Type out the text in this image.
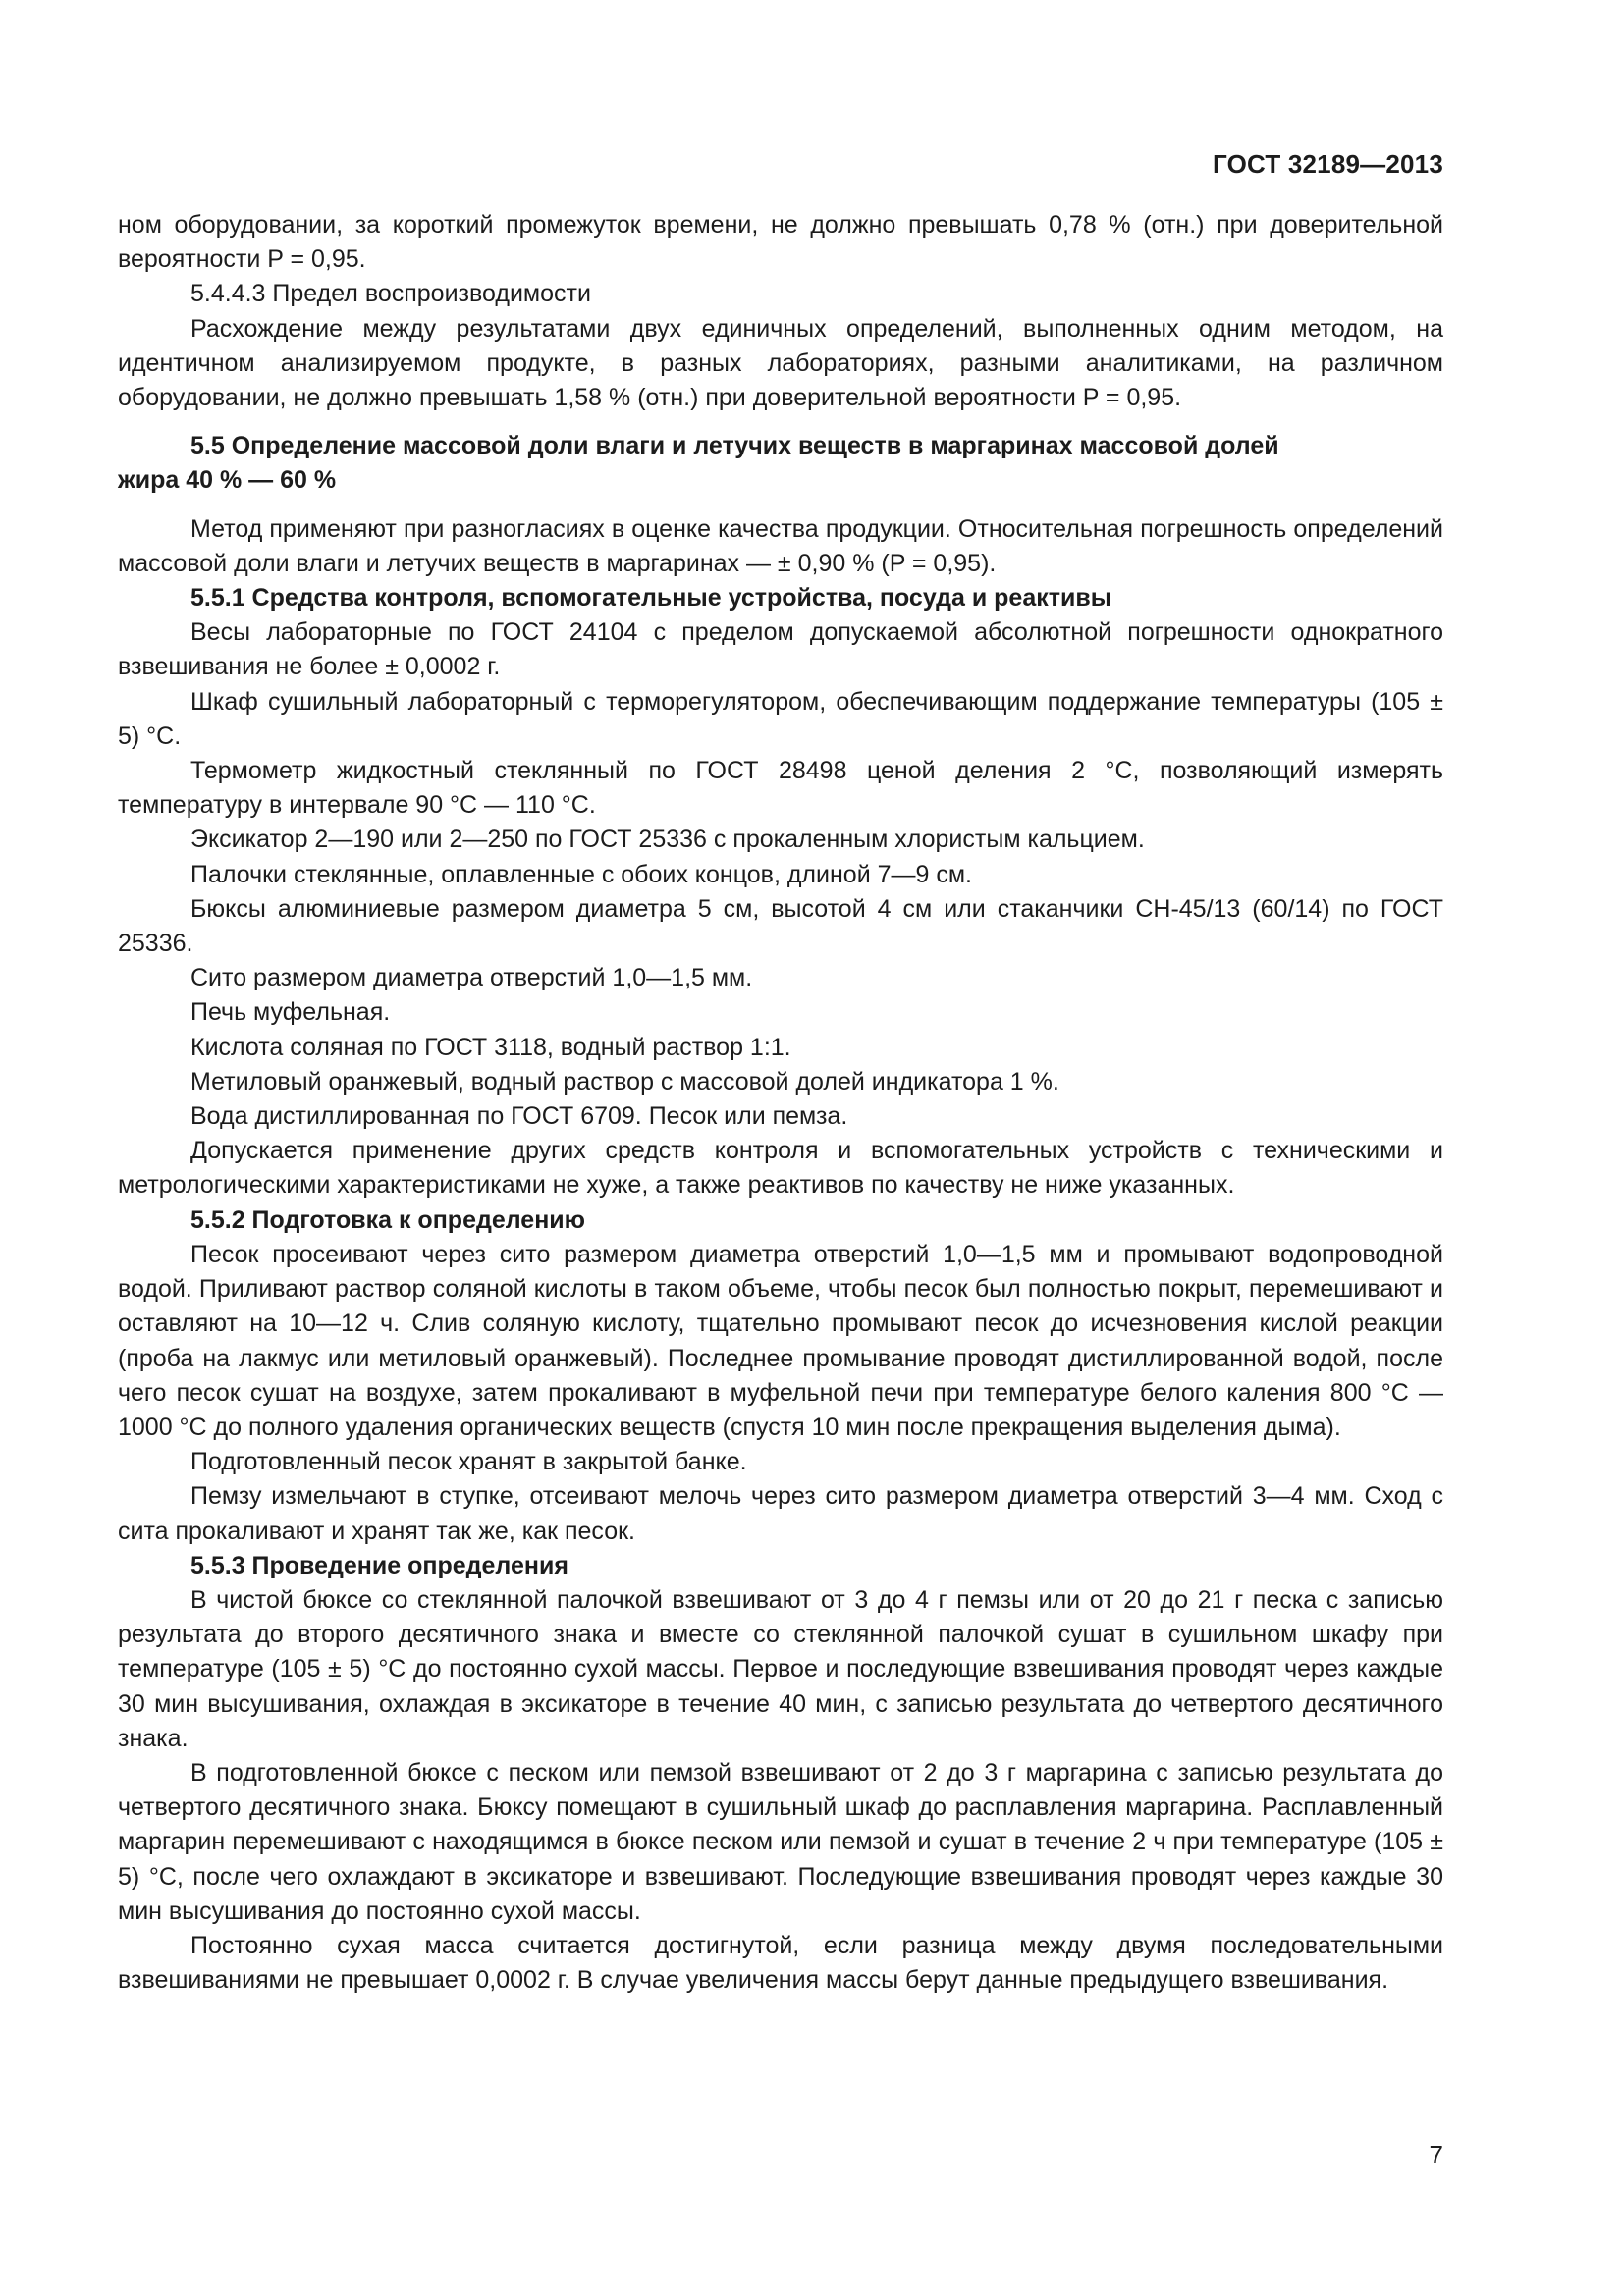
ГОСТ 32189—2013

ном оборудовании, за короткий промежуток времени, не должно превышать 0,78 % (отн.) при доверительной вероятности P = 0,95.

5.4.4.3 Предел воспроизводимости

Расхождение между результатами двух единичных определений, выполненных одним методом, на идентичном анализируемом продукте, в разных лабораториях, разными аналитиками, на различном оборудовании, не должно превышать 1,58 % (отн.) при доверительной вероятности P = 0,95.

5.5 Определение массовой доли влаги и летучих веществ в маргаринах массовой долей
жира 40 % — 60 %

Метод применяют при разногласиях в оценке качества продукции. Относительная погрешность определений массовой доли влаги и летучих веществ в маргаринах — ± 0,90 % (P = 0,95).

5.5.1 Средства контроля, вспомогательные устройства, посуда и реактивы

Весы лабораторные по ГОСТ 24104 с пределом допускаемой абсолютной погрешности однократного взвешивания не более ± 0,0002 г.

Шкаф сушильный лабораторный с терморегулятором, обеспечивающим поддержание температуры (105 ± 5) °С.

Термометр жидкостный стеклянный по ГОСТ 28498 ценой деления 2 °С, позволяющий измерять температуру в интервале 90 °С — 110 °С.

Эксикатор 2—190 или 2—250 по ГОСТ 25336 с прокаленным хлористым кальцием.

Палочки стеклянные, оплавленные с обоих концов, длиной 7—9 см.

Бюксы алюминиевые размером диаметра 5 см, высотой 4 см или стаканчики СН-45/13 (60/14) по ГОСТ 25336.

Сито размером диаметра отверстий 1,0—1,5 мм.

Печь муфельная.

Кислота соляная по ГОСТ 3118, водный раствор 1:1.

Метиловый оранжевый, водный раствор с массовой долей индикатора 1 %.

Вода дистиллированная по ГОСТ 6709. Песок или пемза.

Допускается применение других средств контроля и вспомогательных устройств с техническими и метрологическими характеристиками не хуже, а также реактивов по качеству не ниже указанных.

5.5.2 Подготовка к определению

Песок просеивают через сито размером диаметра отверстий 1,0—1,5 мм и промывают водопроводной водой. Приливают раствор соляной кислоты в таком объеме, чтобы песок был полностью покрыт, перемешивают и оставляют на 10—12 ч. Слив соляную кислоту, тщательно промывают песок до исчезновения кислой реакции (проба на лакмус или метиловый оранжевый). Последнее промывание проводят дистиллированной водой, после чего песок сушат на воздухе, затем прокаливают в муфельной печи при температуре белого каления 800 °С — 1000 °С до полного удаления органических веществ (спустя 10 мин после прекращения выделения дыма).

Подготовленный песок хранят в закрытой банке.

Пемзу измельчают в ступке, отсеивают мелочь через сито размером диаметра отверстий 3—4 мм. Сход с сита прокаливают и хранят так же, как песок.

5.5.3 Проведение определения

В чистой бюксе со стеклянной палочкой взвешивают от 3 до 4 г пемзы или от 20 до 21 г песка с записью результата до второго десятичного знака и вместе со стеклянной палочкой сушат в сушильном шкафу при температуре (105 ± 5) °С до постоянно сухой массы. Первое и последующие взвешивания проводят через каждые 30 мин высушивания, охлаждая в эксикаторе в течение 40 мин, с записью результата до четвертого десятичного знака.

В подготовленной бюксе с песком или пемзой взвешивают от 2 до 3 г маргарина с записью результата до четвертого десятичного знака. Бюксу помещают в сушильный шкаф до расплавления маргарина. Расплавленный маргарин перемешивают с находящимся в бюксе песком или пемзой и сушат в течение 2 ч при температуре (105 ± 5) °С, после чего охлаждают в эксикаторе и взвешивают. Последующие взвешивания проводят через каждые 30 мин высушивания до постоянно сухой массы.

Постоянно сухая масса считается достигнутой, если разница между двумя последовательными взвешиваниями не превышает 0,0002 г. В случае увеличения массы берут данные предыдущего взвешивания.

7
